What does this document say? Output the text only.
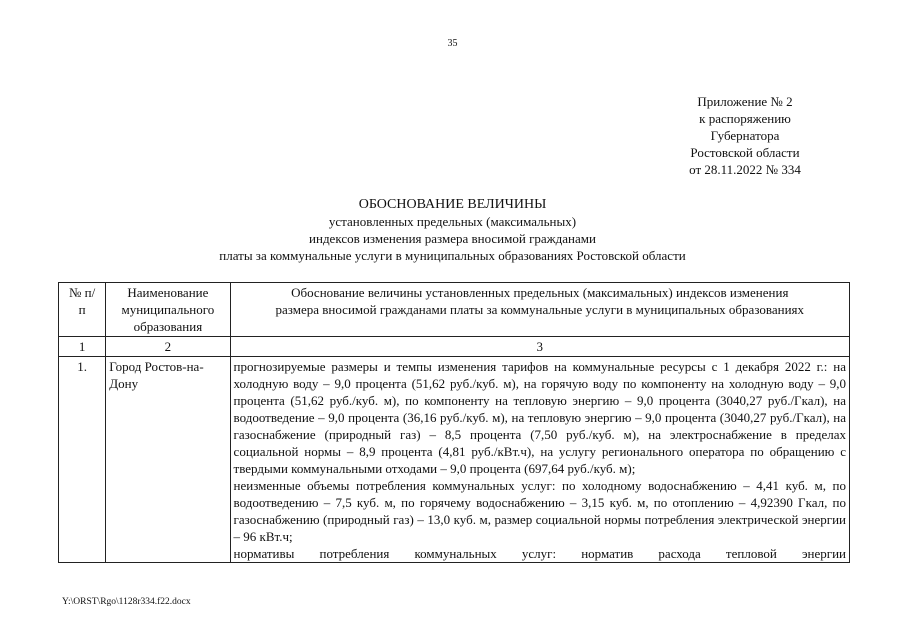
35
Приложение № 2
к распоряжению
Губернатора
Ростовской области
от 28.11.2022 № 334
ОБОСНОВАНИЕ ВЕЛИЧИНЫ
установленных предельных (максимальных)
индексов изменения размера вносимой гражданами
платы за коммунальные услуги в муниципальных образованиях Ростовской области
№ п/п	Наименование муниципального образования	Обоснование величины установленных предельных (максимальных) индексов изменения размера вносимой гражданами платы за коммунальные услуги в муниципальных образованиях

1	2	3
1.	Город Ростов-на-Дону	прогнозируемые размеры и темпы изменения тарифов на коммунальные ресурсы с 1 декабря 2022 г.: на холодную воду – 9,0 процента (51,62 руб./куб. м), на горячую воду по компоненту на холодную воду – 9,0 процента (51,62 руб./куб. м), по компоненту на тепловую энергию – 9,0 процента (3040,27 руб./Гкал), на водоотведение – 9,0 процента (36,16 руб./куб. м), на тепловую энергию – 9,0 процента (3040,27 руб./Гкал), на газоснабжение (природный газ) – 8,5 процента (7,50 руб./куб. м), на электроснабжение в пределах социальной нормы – 8,9 процента (4,81 руб./кВт.ч), на услугу регионального оператора по обращению с твердыми коммунальными отходами – 9,0 процента (697,64 руб./куб. м);
неизменные объемы потребления коммунальных услуг: по холодному водоснабжению – 4,41 куб. м, по водоотведению – 7,5 куб. м, по горячему водоснабжению – 3,15 куб. м, по отоплению – 4,92390 Гкал, по газоснабжению (природный газ) – 13,0 куб. м, размер социальной нормы потребления электрической энергии – 96 кВт.ч;
нормативы потребления коммунальных услуг: норматив расхода тепловой энергии
Y:\ORST\Rgo\1128r334.f22.docx
